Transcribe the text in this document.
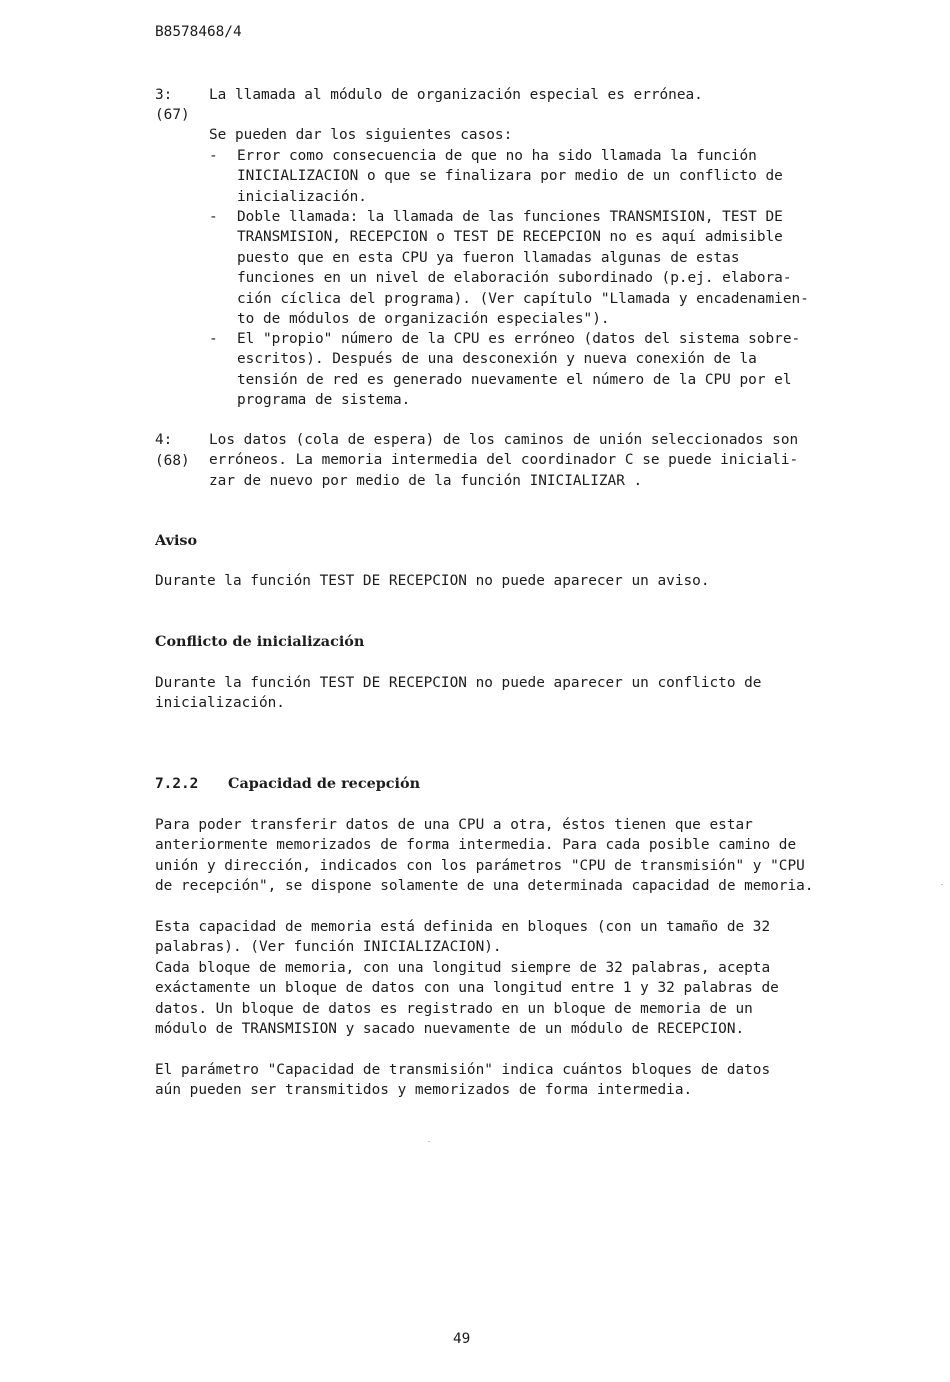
B8578468/4
3:
(67)
La llamada al módulo de organización especial es errónea.
Se pueden dar los siguientes casos:
- Error como consecuencia de que no ha sido llamada la función
INICIALIZACION o que se finalizara por medio de un conflicto de
inicialización.
- Doble llamada: la llamada de las funciones TRANSMISION, TEST DE
TRANSMISION, RECEPCION o TEST DE RECEPCION no es aquí admisible
puesto que en esta CPU ya fueron llamadas algunas de estas
funciones en un nivel de elaboración subordinado (p.ej. elabora-
ción cíclica del programa). (Ver capítulo "Llamada y encadenamien-
to de módulos de organización especiales").
- El "propio" número de la CPU es erróneo (datos del sistema sobre-
escritos). Después de una desconexión y nueva conexión de la
tensión de red es generado nuevamente el número de la CPU por el
programa de sistema.
4:
(68)
Los datos (cola de espera) de los caminos de unión seleccionados son
erróneos. La memoria intermedia del coordinador C se puede iniciali-
zar de nuevo por medio de la función INICIALIZAR .
Aviso
Durante la función TEST DE RECEPCION no puede aparecer un aviso.
Conflicto de inicialización
Durante la función TEST DE RECEPCION no puede aparecer un conflicto de
inicialización.
7.2.2 Capacidad de recepción
Para poder transferir datos de una CPU a otra, éstos tienen que estar
anteriormente memorizados de forma intermedia. Para cada posible camino de
unión y dirección, indicados con los parámetros "CPU de transmisión" y "CPU
de recepción", se dispone solamente de una determinada capacidad de memoria.
Esta capacidad de memoria está definida en bloques (con un tamaño de 32
palabras). (Ver función INICIALIZACION).
Cada bloque de memoria, con una longitud siempre de 32 palabras, acepta
exáctamente un bloque de datos con una longitud entre 1 y 32 palabras de
datos. Un bloque de datos es registrado en un bloque de memoria de un
módulo de TRANSMISION y sacado nuevamente de un módulo de RECEPCION.
El parámetro "Capacidad de transmisión" indica cuántos bloques de datos
aún pueden ser transmitidos y memorizados de forma intermedia.
49
